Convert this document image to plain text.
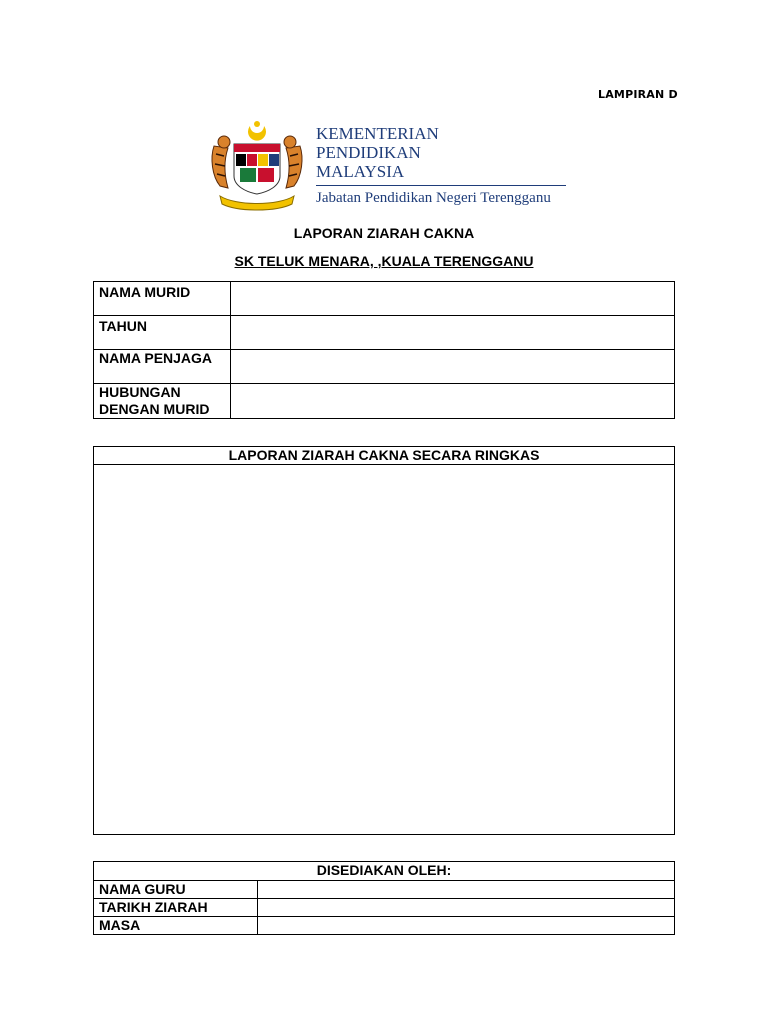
LAMPIRAN D
KEMENTERIAN
PENDIDIKAN
MALAYSIA
Jabatan Pendidikan Negeri Terengganu
LAPORAN ZIARAH CAKNA
SK TELUK MENARA, ,KUALA TERENGGANU
NAMA MURID	
TAHUN	
NAMA PENJAGA	
HUBUNGAN DENGAN MURID	
LAPORAN ZIARAH CAKNA SECARA RINGKAS

DISEDIAKAN OLEH:	
NAMA GURU	
TARIKH ZIARAH	
MASA	
